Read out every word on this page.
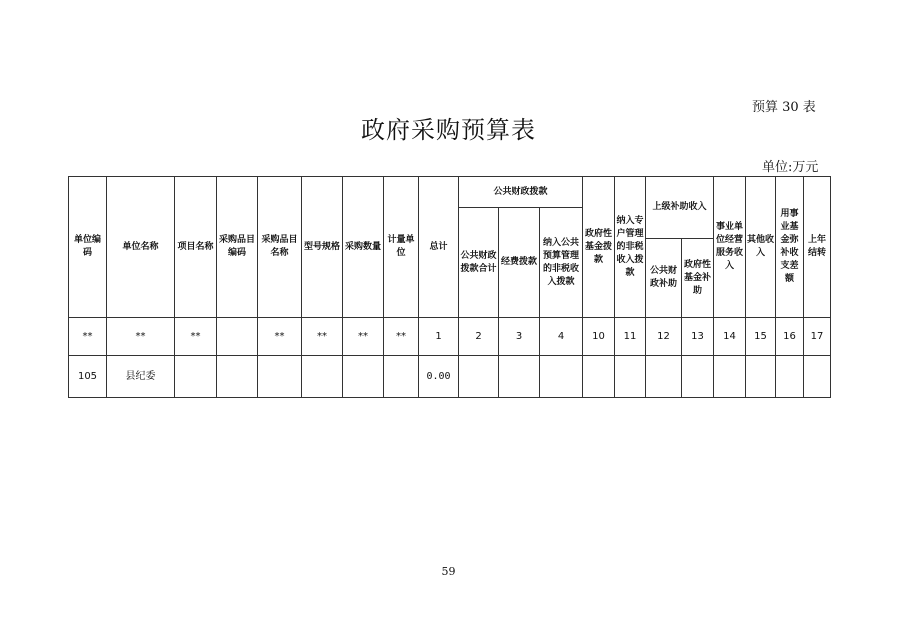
预算 30 表
政府采购预算表
单位:万元
单位编码	单位名称	项目名称	采购品目编码	采购品目名称	型号规格	采购数量	计量单位	总计	公共财政拨款			政府性基金拨款	纳入专户管理的非税收入拨款	上级补助收入		事业单位经营服务收入	其他收入	用事业基金弥补收支差额	上年结转
									公共财政拨款合计	经费拨款	纳入公共预算管理的非税收入拨款								
														公共财政补助	政府性基金补助				
**	**	**		**	**	**	**	1	2	3	4	10	11	12	13	14	15	16	17
105	县纪委							0.00											
59
